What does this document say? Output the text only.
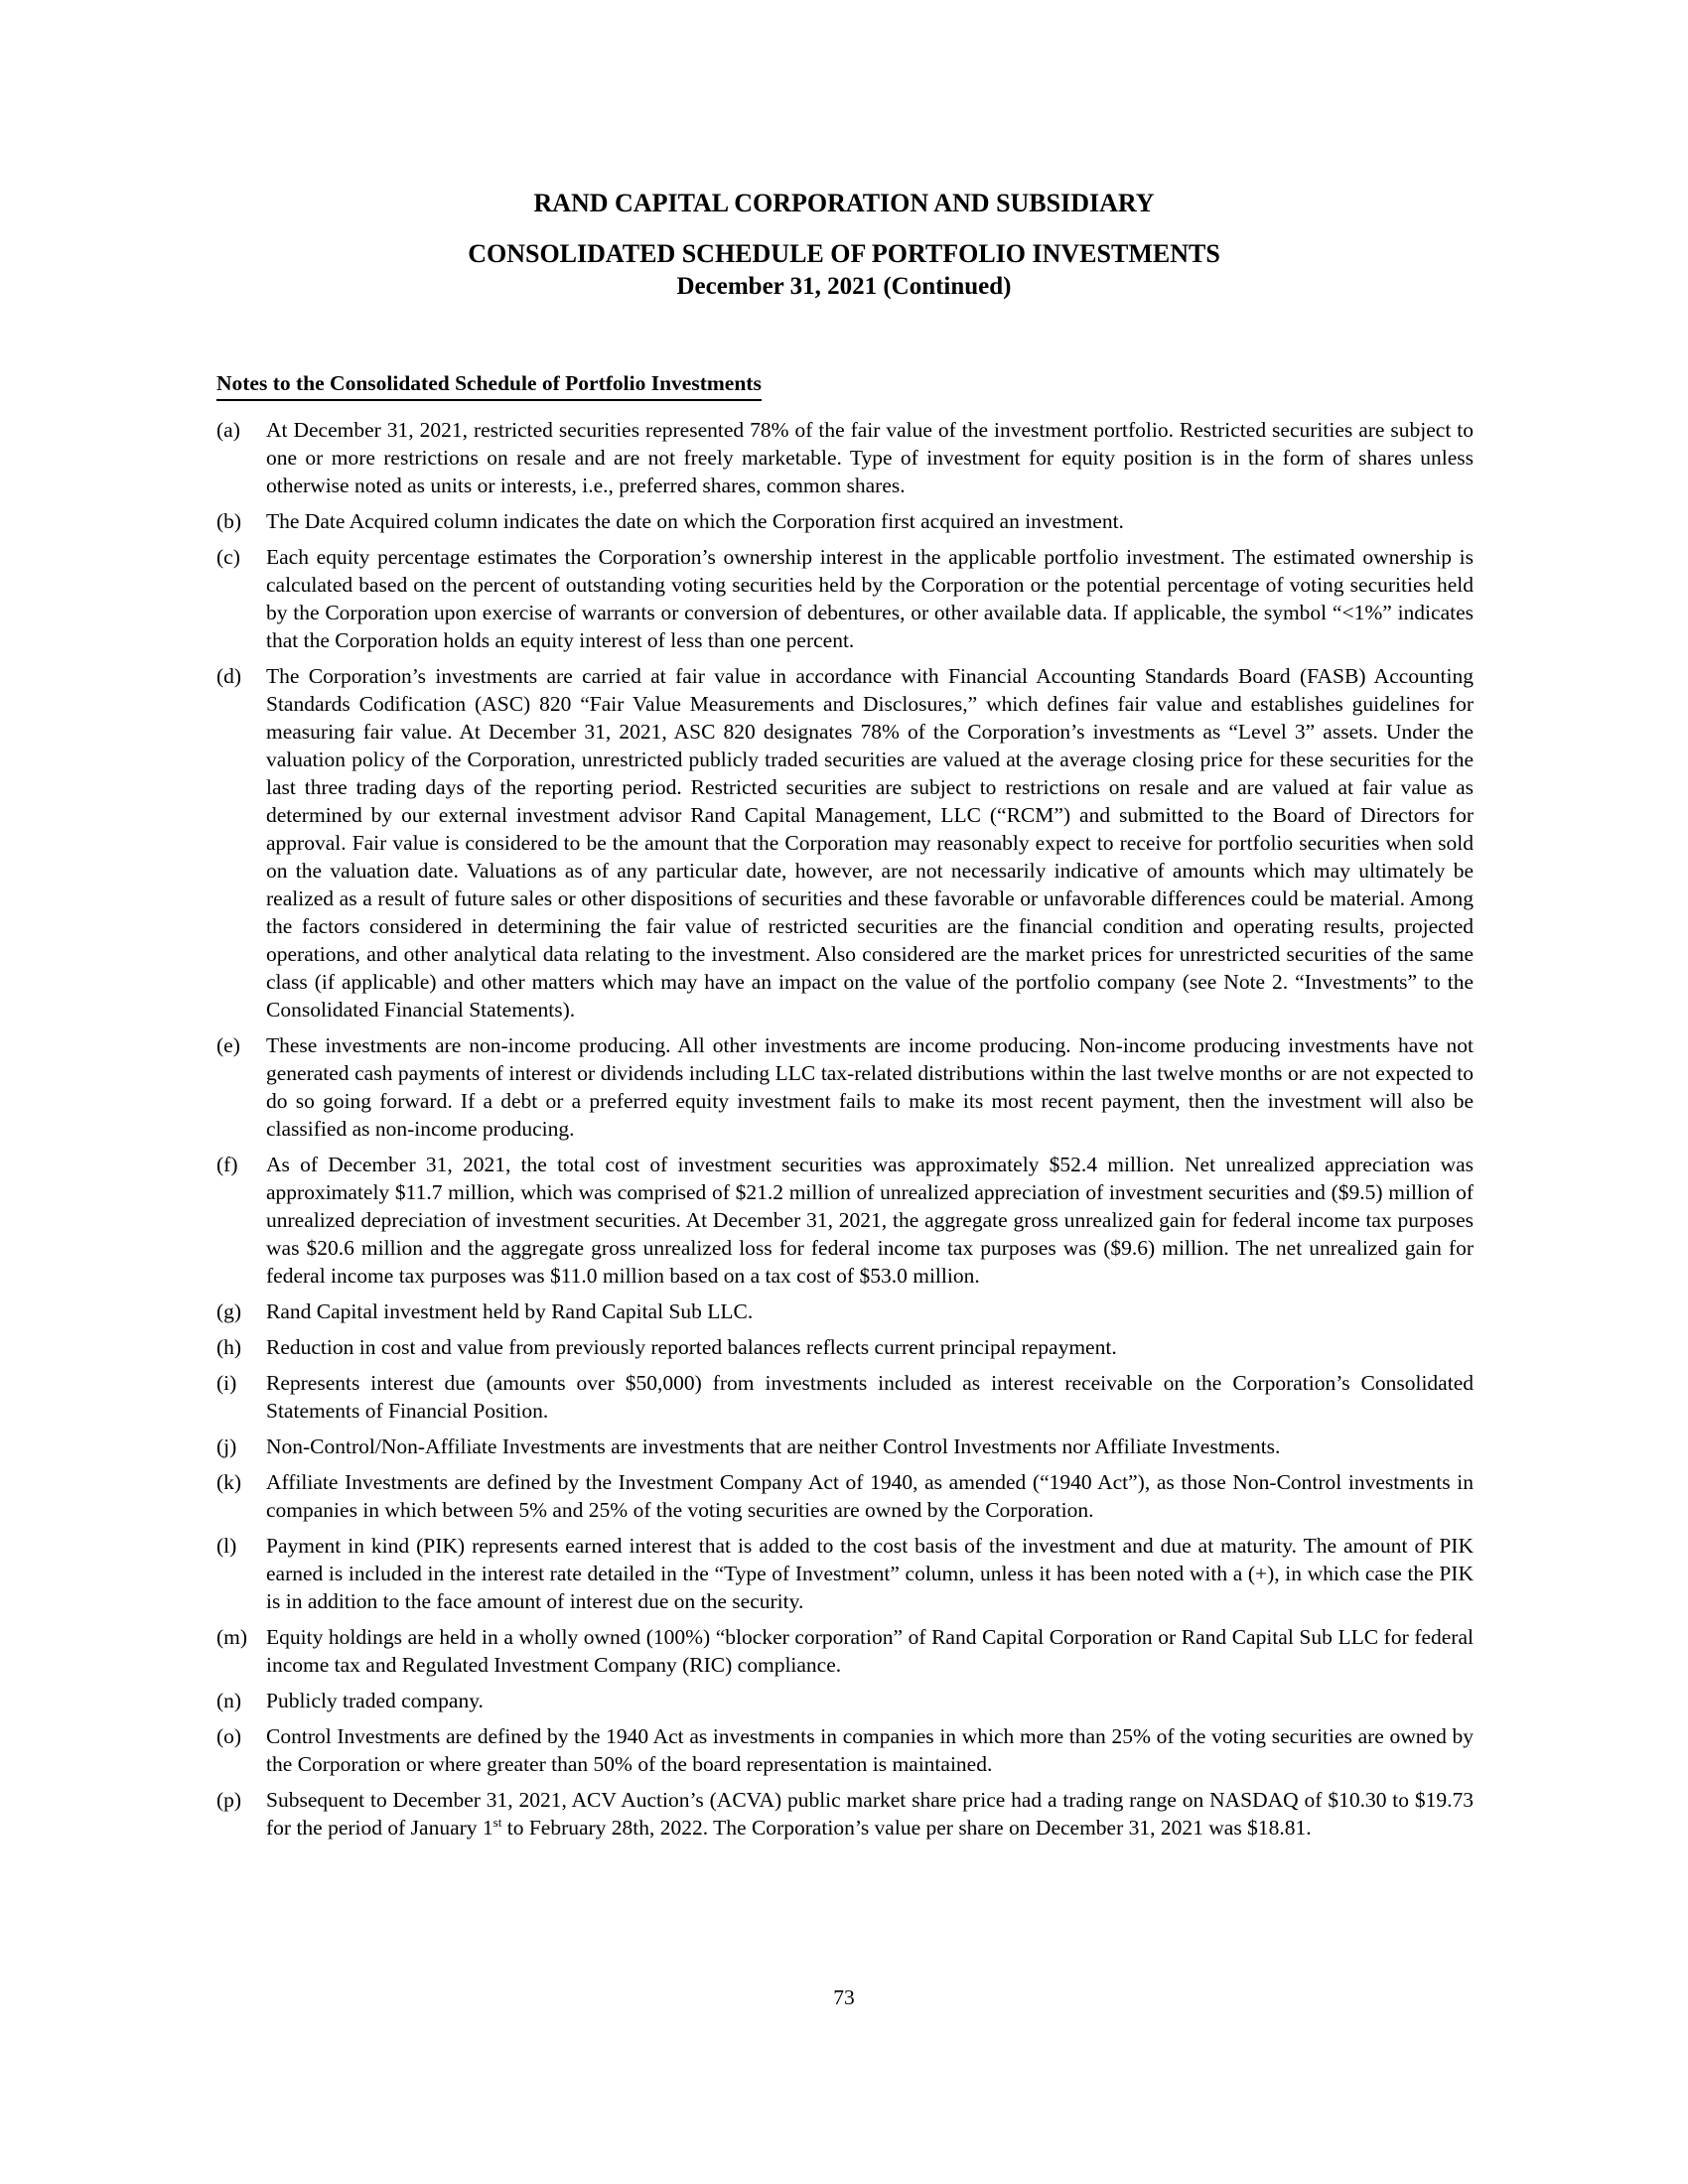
RAND CAPITAL CORPORATION AND SUBSIDIARY
CONSOLIDATED SCHEDULE OF PORTFOLIO INVESTMENTS
December 31, 2021 (Continued)
Notes to the Consolidated Schedule of Portfolio Investments
(a)	At December 31, 2021, restricted securities represented 78% of the fair value of the investment portfolio. Restricted securities are subject to one or more restrictions on resale and are not freely marketable. Type of investment for equity position is in the form of shares unless otherwise noted as units or interests, i.e., preferred shares, common shares.
(b)	The Date Acquired column indicates the date on which the Corporation first acquired an investment.
(c)	Each equity percentage estimates the Corporation’s ownership interest in the applicable portfolio investment. The estimated ownership is calculated based on the percent of outstanding voting securities held by the Corporation or the potential percentage of voting securities held by the Corporation upon exercise of warrants or conversion of debentures, or other available data. If applicable, the symbol “<1%” indicates that the Corporation holds an equity interest of less than one percent.
(d)	The Corporation’s investments are carried at fair value in accordance with Financial Accounting Standards Board (FASB) Accounting Standards Codification (ASC) 820 “Fair Value Measurements and Disclosures,” which defines fair value and establishes guidelines for measuring fair value. At December 31, 2021, ASC 820 designates 78% of the Corporation’s investments as “Level 3” assets. Under the valuation policy of the Corporation, unrestricted publicly traded securities are valued at the average closing price for these securities for the last three trading days of the reporting period. Restricted securities are subject to restrictions on resale and are valued at fair value as determined by our external investment advisor Rand Capital Management, LLC (“RCM”) and submitted to the Board of Directors for approval. Fair value is considered to be the amount that the Corporation may reasonably expect to receive for portfolio securities when sold on the valuation date. Valuations as of any particular date, however, are not necessarily indicative of amounts which may ultimately be realized as a result of future sales or other dispositions of securities and these favorable or unfavorable differences could be material. Among the factors considered in determining the fair value of restricted securities are the financial condition and operating results, projected operations, and other analytical data relating to the investment. Also considered are the market prices for unrestricted securities of the same class (if applicable) and other matters which may have an impact on the value of the portfolio company (see Note 2. “Investments” to the Consolidated Financial Statements).
(e)	These investments are non-income producing. All other investments are income producing. Non-income producing investments have not generated cash payments of interest or dividends including LLC tax-related distributions within the last twelve months or are not expected to do so going forward. If a debt or a preferred equity investment fails to make its most recent payment, then the investment will also be classified as non-income producing.
(f)	As of December 31, 2021, the total cost of investment securities was approximately $52.4 million. Net unrealized appreciation was approximately $11.7 million, which was comprised of $21.2 million of unrealized appreciation of investment securities and ($9.5) million of unrealized depreciation of investment securities. At December 31, 2021, the aggregate gross unrealized gain for federal income tax purposes was $20.6 million and the aggregate gross unrealized loss for federal income tax purposes was ($9.6) million. The net unrealized gain for federal income tax purposes was $11.0 million based on a tax cost of $53.0 million.
(g)	Rand Capital investment held by Rand Capital Sub LLC.
(h)	Reduction in cost and value from previously reported balances reflects current principal repayment.
(i)	Represents interest due (amounts over $50,000) from investments included as interest receivable on the Corporation’s Consolidated Statements of Financial Position.
(j)	Non-Control/Non-Affiliate Investments are investments that are neither Control Investments nor Affiliate Investments.
(k)	Affiliate Investments are defined by the Investment Company Act of 1940, as amended (“1940 Act”), as those Non-Control investments in companies in which between 5% and 25% of the voting securities are owned by the Corporation.
(l)	Payment in kind (PIK) represents earned interest that is added to the cost basis of the investment and due at maturity. The amount of PIK earned is included in the interest rate detailed in the “Type of Investment” column, unless it has been noted with a (+), in which case the PIK is in addition to the face amount of interest due on the security.
(m) Equity holdings are held in a wholly owned (100%) “blocker corporation” of Rand Capital Corporation or Rand Capital Sub LLC for federal income tax and Regulated Investment Company (RIC) compliance.
(n)	Publicly traded company.
(o)	Control Investments are defined by the 1940 Act as investments in companies in which more than 25% of the voting securities are owned by the Corporation or where greater than 50% of the board representation is maintained.
(p)	Subsequent to December 31, 2021, ACV Auction’s (ACVA) public market share price had a trading range on NASDAQ of $10.30 to $19.73 for the period of January 1st to February 28th, 2022. The Corporation’s value per share on December 31, 2021 was $18.81.
73
